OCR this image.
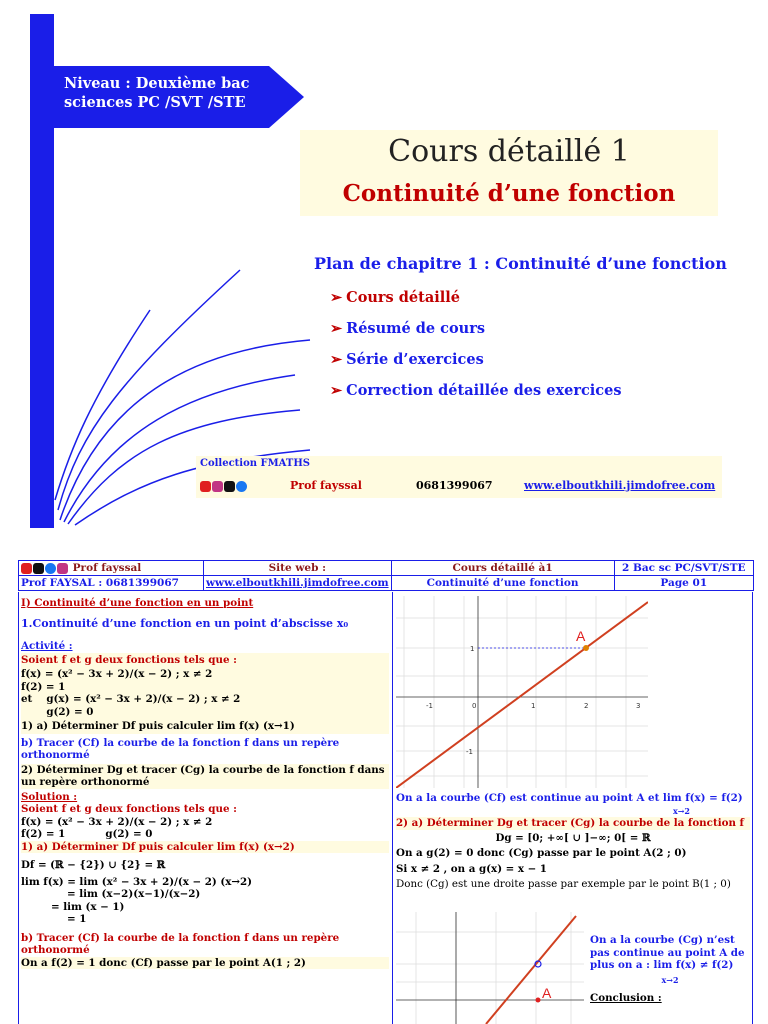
Niveau : Deuxième bac
sciences PC /SVT /STE
Cours détaillé 1
Continuité d’une fonction
Plan de chapitre 1 : Continuité d’une fonction
➢ Cours détaillé
➢ Résumé de cours
➢ Série d’exercices
➢ Correction détaillée des exercices
Collection FMATHS
Prof fayssal	0681399067	www.elboutkhili.jimdofree.com
Prof fayssal	Site web :	Cours détaillé à1	2 Bac sc PC/SVT/STE
Prof FAYSAL : 0681399067	www.elboutkhili.jimdofree.com	Continuité d’une fonction	Page 01
I) Continuité d’une fonction en un point
1.Continuité d’une fonction en un point d’abscisse x₀
Activité :
Soient f et g deux fonctions tels que :
f(x) = (x² − 3x + 2)/(x − 2) ; x ≠ 2
f(2) = 1
et g(x) = (x² − 3x + 2)/(x − 2) ; x ≠ 2
g(2) = 0
1) a) Déterminer Df puis calculer lim f(x) (x→1)
b) Tracer (Cf) la courbe de la fonction f dans un repère orthonormé
2) Déterminer Dg et tracer (Cg) la courbe de la fonction f dans un repère orthonormé
Solution :
Soient f et g deux fonctions tels que :
f(x) = (x² − 3x + 2)/(x − 2) ; x ≠ 2
f(2) = 1	g(2) = 0
1) a) Déterminer Df puis calculer lim f(x) (x→2)
Df = (ℝ − {2}) ∪ {2} = ℝ
lim f(x) = lim (x² − 3x + 2)/(x − 2) (x→2)
= lim (x−2)(x−1)/(x−2)
= lim (x − 1)
= 1
b) Tracer (Cf) la courbe de la fonction f dans un repère orthonormé
On a f(2) = 1 donc (Cf) passe par le point A(1 ; 2)
A
-1	0	1	2	3
1
-1
On a la courbe (Cf) est continue au point A et lim f(x) = f(2)
x→2
2) a) Déterminer Dg et tracer (Cg) la courbe de la fonction f
Dg = [0; +∞[ ∪ ]−∞; 0[ = ℝ
On a g(2) = 0 donc (Cg) passe par le point A(2 ; 0)
Si x ≠ 2 , on a g(x) = x − 1
Donc (Cg) est une droite passe par exemple par le point B(1 ; 0)
A
On a la courbe (Cg) n’est pas continue au point A de plus on a : lim f(x) ≠ f(2)
x→2
Conclusion :
